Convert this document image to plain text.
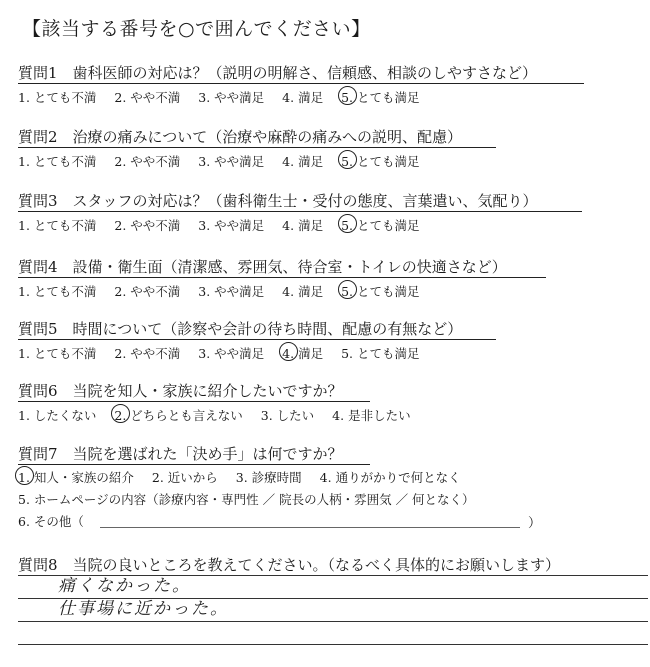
【該当する番号を○で囲んでください】
質問1　歯科医師の対応は？（説明の明解さ、信頼感、相談のしやすさなど）
1. とても不満 2. やや不満 3. やや満足 4. 満足 5. とても満足
質問2　治療の痛みについて（治療や麻酔の痛みへの説明、配慮）
1. とても不満 2. やや不満 3. やや満足 4. 満足 5. とても満足
質問3　スタッフの対応は？（歯科衛生士・受付の態度、言葉遣い、気配り）
1. とても不満 2. やや不満 3. やや満足 4. 満足 5. とても満足
質問4　設備・衛生面（清潔感、雰囲気、待合室・トイレの快適さなど）
1. とても不満 2. やや不満 3. やや満足 4. 満足 5. とても満足
質問5　時間について（診察や会計の待ち時間、配慮の有無など）
1. とても不満 2. やや不満 3. やや満足 4. 満足 5. とても満足
質問6　当院を知人・家族に紹介したいですか？
1. したくない 2. どちらとも言えない 3. したい 4. 是非したい
質問7　当院を選ばれた「決め手」は何ですか？
1. 知人・家族の紹介 2. 近いから 3. 診療時間 4. 通りがかりで何となく
5. ホームページの内容（診療内容・専門性 ／ 院長の人柄・雰囲気 ／ 何となく）
6. その他（	）
質問8　当院の良いところを教えてください。（なるべく具体的にお願いします）
痛くなかった。
仕事場に近かった。
